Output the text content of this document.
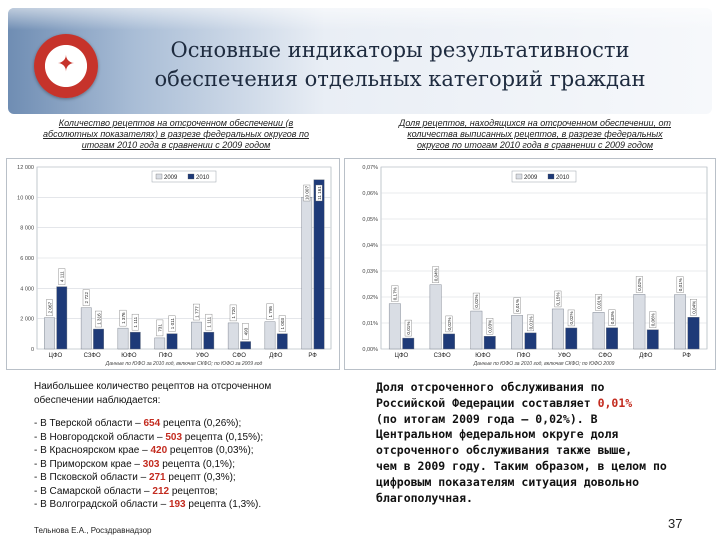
✦
Основные индикаторы результативности
обеспечения отдельных категорий граждан
Количество рецептов на отсроченном обеспечении (в
абсолютных показателях) в разрезе федеральных округов по
итогам 2010 года в сравнении с 2009 годом
0
2 000
4 000
6 000
8 000
10 000
12 000
2009	2010
2 067
4 111
ЦФО
2 722
1 316
СЗФО
1 376 1 111
ЮФО
731 1 011
ПФО
1 777
1 111
УФО
1 720
493
СФО
1 795
1 003
ДФО
10 007 11 161
РФ
Данные по ЮФО за 2010 год, включая СКФО; по ЮФО за 2009 год
Доля рецептов, находящихся на отсроченном обеспечении, от
количества выписанных рецептов, в разрезе федеральных
округов по итогам 2010 года в сравнении с 2009 годом
0,00%
0,01%
0,02%
0,03%
0,04%
0,05%
0,06%
0,07%
2009	2010
0,17%
0,01%
ЦФО
0,04%
0,02%
СЗФО
0,02%
0,03%
ЮФО
0,01%
0,01%
ПФО
0,15%
0,02%
УФО
0,01%
0,03%
СФО
0,02%
0,06%
ДФО
0,01%
0,04%
РФ
Данные по ЮФО за 2010 год, включая СКФО; по ЮФО 2009
Наибольшее количество рецептов на отсроченном
обеспечении наблюдается:
- В Тверской области – 654 рецепта (0,26%);
- В Новгородской области – 503 рецепта (0,15%);
- В Красноярском крае – 420 рецептов (0,03%);
- В Приморском крае – 303 рецепта (0,1%);
- В Псковской области – 271 рецепт (0,3%);
- В Самарской области – 212 рецептов;
- В Волгоградской области – 193 рецепта (1,3%).
Доля отсроченного обслуживания по
Российской Федерации составляет 0,01%
(по итогам 2009 года – 0,02%). В
Центральном федеральном округе доля
отсроченного обслуживания также выше,
чем в 2009 году. Таким образом, в целом по
цифровым показателям ситуация довольно
благополучная.
Тельнова Е.А., Росздравнадзор	37
